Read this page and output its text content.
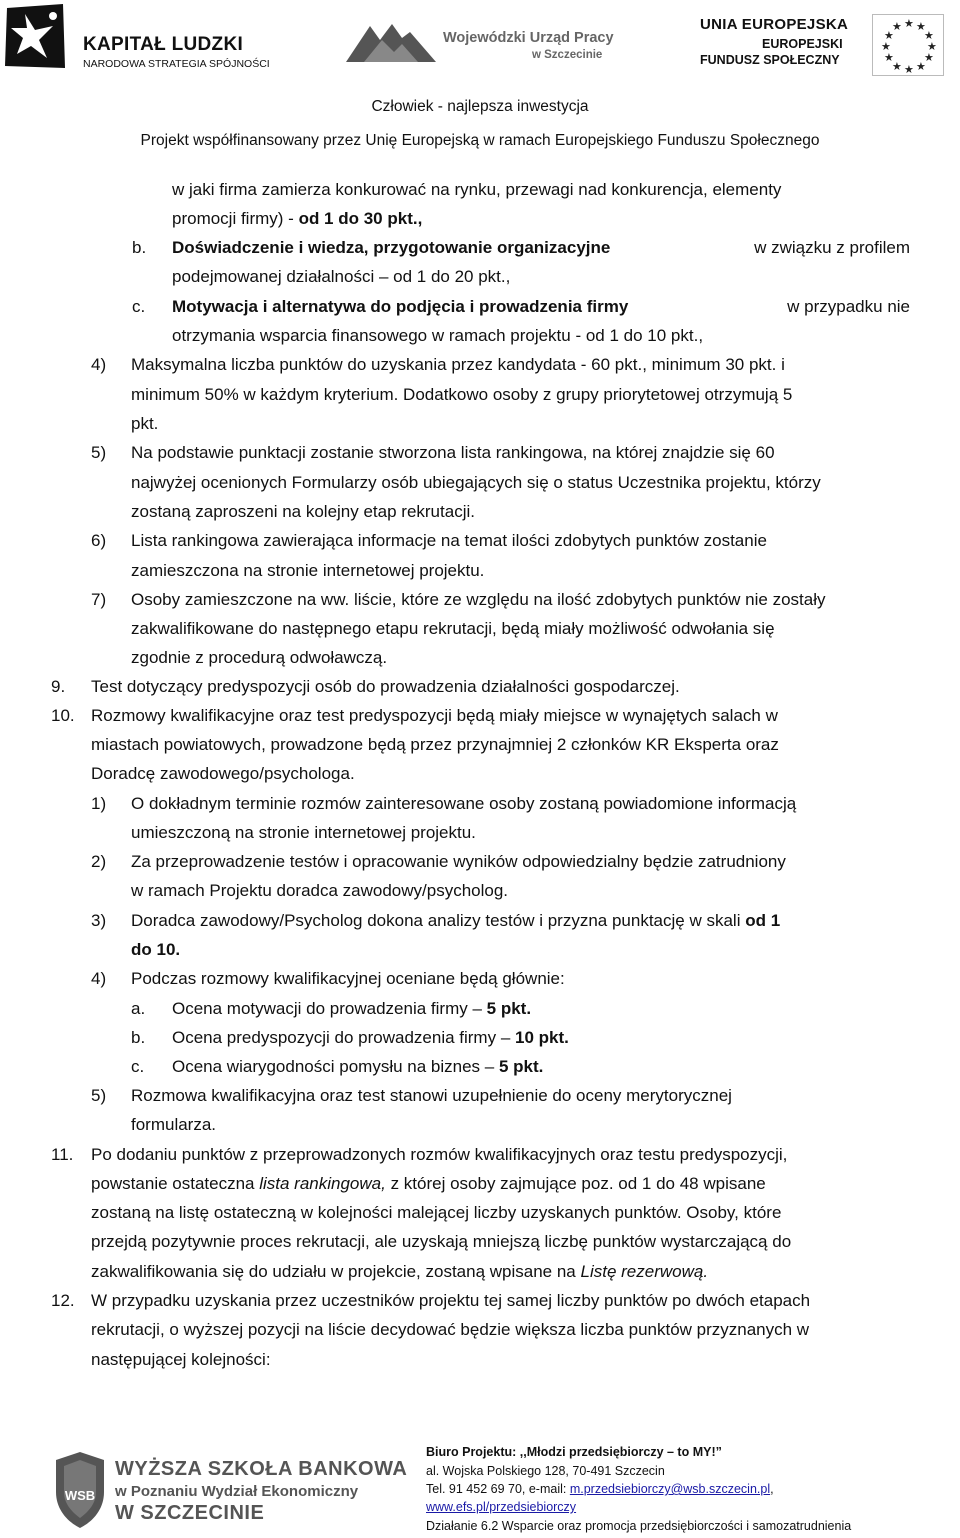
KAPITAŁ LUDZKI
NARODOWA STRATEGIA SPÓJNOŚCI
Wojewódzki Urząd Pracy
w Szczecinie
UNIA EUROPEJSKA
EUROPEJSKI
FUNDUSZ SPOŁECZNY
★ ★
★
★
★
★
★
★
★
★
★
★
Człowiek - najlepsza inwestycja
Projekt współfinansowany przez Unię Europejską w ramach Europejskiego Funduszu Społecznego
w jaki firma zamierza konkurować na rynku, przewagi nad konkurencja, elementy
promocji firmy) - od 1 do 30 pkt.,
b. Doświadczenie i wiedza, przygotowanie organizacyjne	w związku z profilem
podejmowanej działalności – od 1 do 20 pkt.,
c. Motywacja i alternatywa do podjęcia i prowadzenia firmy	w przypadku nie
otrzymania wsparcia finansowego w ramach projektu - od 1 do 10 pkt.,
4) Maksymalna liczba punktów do uzyskania przez kandydata - 60 pkt., minimum 30 pkt. i
minimum 50% w każdym kryterium. Dodatkowo osoby z grupy priorytetowej otrzymują 5
pkt.
5) Na podstawie punktacji zostanie stworzona lista rankingowa, na której znajdzie się 60
najwyżej ocenionych Formularzy osób ubiegających się o status Uczestnika projektu, którzy
zostaną zaproszeni na kolejny etap rekrutacji.
6) Lista rankingowa zawierająca informacje na temat ilości zdobytych punktów zostanie
zamieszczona na stronie internetowej projektu.
7) Osoby zamieszczone na ww. liście, które ze względu na ilość zdobytych punktów nie zostały
zakwalifikowane do następnego etapu rekrutacji, będą miały możliwość odwołania się
zgodnie z procedurą odwoławczą.
9. Test dotyczący predyspozycji osób do prowadzenia działalności gospodarczej.
10. Rozmowy kwalifikacyjne oraz test predyspozycji będą miały miejsce w wynajętych salach w
miastach powiatowych, prowadzone będą przez przynajmniej 2 członków KR Eksperta oraz
Doradcę zawodowego/psychologa.
1) O dokładnym terminie rozmów zainteresowane osoby zostaną powiadomione informacją
umieszczoną na stronie internetowej projektu.
2) Za przeprowadzenie testów i opracowanie wyników odpowiedzialny będzie zatrudniony
w ramach Projektu doradca zawodowy/psycholog.
3) Doradca zawodowy/Psycholog dokona analizy testów i przyzna punktację w skali od 1
do 10.
4) Podczas rozmowy kwalifikacyjnej oceniane będą głównie:
a. Ocena motywacji do prowadzenia firmy – 5 pkt.
b. Ocena predyspozycji do prowadzenia firmy – 10 pkt.
c. Ocena wiarygodności pomysłu na biznes – 5 pkt.
5) Rozmowa kwalifikacyjna oraz test stanowi uzupełnienie do oceny merytorycznej
formularza.
11. Po dodaniu punktów z przeprowadzonych rozmów kwalifikacyjnych oraz testu predyspozycji,
powstanie ostateczna lista rankingowa, z której osoby zajmujące poz. od 1 do 48 wpisane
zostaną na listę ostateczną w kolejności malejącej liczby uzyskanych punktów. Osoby, które
przejdą pozytywnie proces rekrutacji, ale uzyskają mniejszą liczbę punktów wystarczającą do
zakwalifikowania się do udziału w projekcie, zostaną wpisane na Listę rezerwową.
12. W przypadku uzyskania przez uczestników projektu tej samej liczby punktów po dwóch etapach
rekrutacji, o wyższej pozycji na liście decydować będzie większa liczba punktów przyznanych w
następującej kolejności:
WSB
WYŻSZA SZKOŁA BANKOWA
w Poznaniu Wydział Ekonomiczny
W SZCZECINIE
Biuro Projektu: ,,Młodzi przedsiębiorczy – to MY!”
al. Wojska Polskiego 128, 70-491 Szczecin
Tel. 91 452 69 70, e-mail: m.przedsiebiorczy@wsb.szczecin.pl,
www.efs.pl/przedsiebiorczy
Działanie 6.2 Wsparcie oraz promocja przedsiębiorczości i samozatrudnienia
